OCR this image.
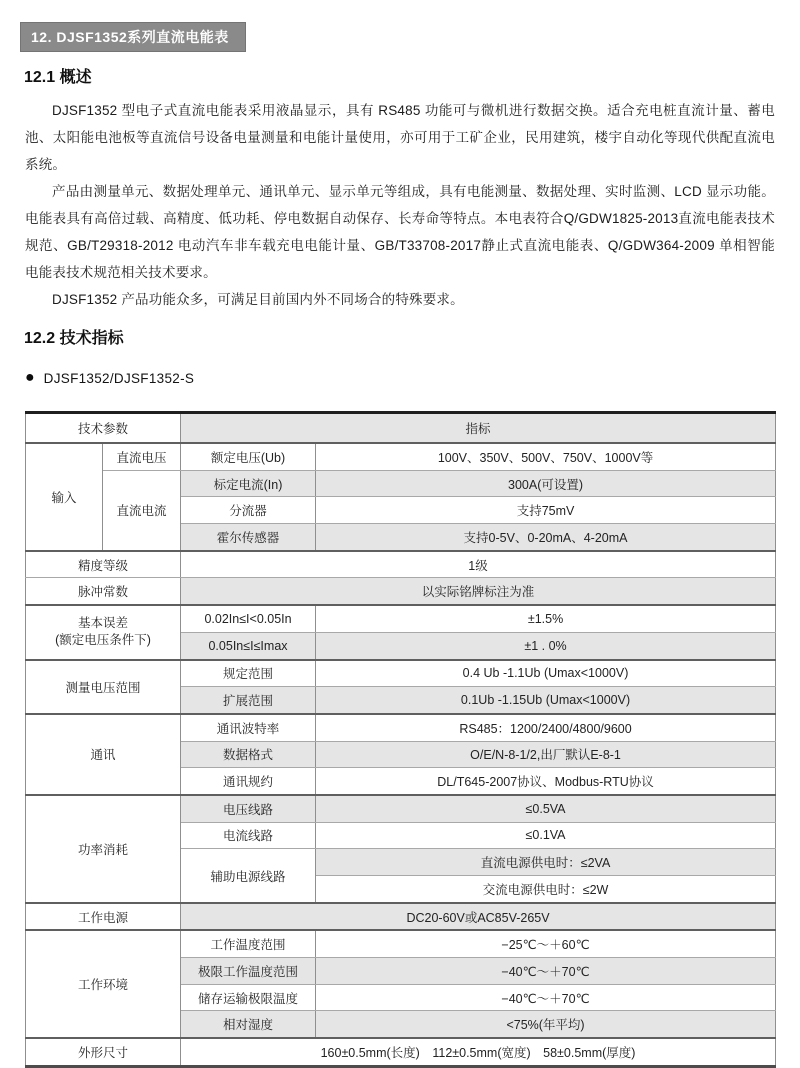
12. DJSF1352系列直流电能表
12.1 概述

DJSF1352 型电子式直流电能表采用液晶显示，具有 RS485 功能可与微机进行数据交换。适合充电桩直流计量、蓄电池、太阳能电池板等直流信号设备电量测量和电能计量使用，亦可用于工矿企业，民用建筑，楼宇自动化等现代供配直流电系统。

产品由测量单元、数据处理单元、通讯单元、显示单元等组成，具有电能测量、数据处理、实时监测、LCD 显示功能。电能表具有高倍过载、高精度、低功耗、停电数据自动保存、长寿命等特点。本电表符合Q/GDW1825-2013直流电能表技术规范、GB/T29318-2012 电动汽车非车载充电电能计量、GB/T33708-2017静止式直流电能表、Q/GDW364-2009 单相智能电能表技术规范相关技术要求。

DJSF1352 产品功能众多，可满足目前国内外不同场合的特殊要求。

12.2 技术指标
● DJSF1352/DJSF1352-S
技术参数		指标	
输入	直流电压	额定电压(Ub)	100V、350V、500V、750V、1000V等
	直流电流	标定电流(In)	300A(可设置)
		分流器	支持75mV
		霍尔传感器	支持0-5V、0-20mA、4-20mA
精度等级		1级	
脉冲常数		以实际铭牌标注为准	

基本误差
(额定电压条件下)		0.02In≤I<0.05In	±1.5%
		0.05In≤I≤Imax	±1 . 0%
测量电压范围		规定范围	0.4 Ub -1.1Ub (Umax<1000V)
		扩展范围	0.1Ub -1.15Ub (Umax<1000V)
通讯		通讯波特率	RS485：1200/2400/4800/9600
		数据格式	O/E/N-8-1/2,出厂默认E-8-1
		通讯规约	DL/T645-2007协议、Modbus-RTU协议
功率消耗		电压线路	≤0.5VA
		电流线路	≤0.1VA
		辅助电源线路	直流电源供电时：≤2VA
			交流电源供电时：≤2W
工作电源		DC20-60V或AC85V-265V	
工作环境		工作温度范围	−25℃～＋60℃
		极限工作温度范围	−40℃～＋70℃
		储存运输极限温度	−40℃～＋70℃
		相对湿度	<75%(年平均)
外形尺寸		160±0.5mm(长度)　112±0.5mm(宽度)　58±0.5mm(厚度)	
